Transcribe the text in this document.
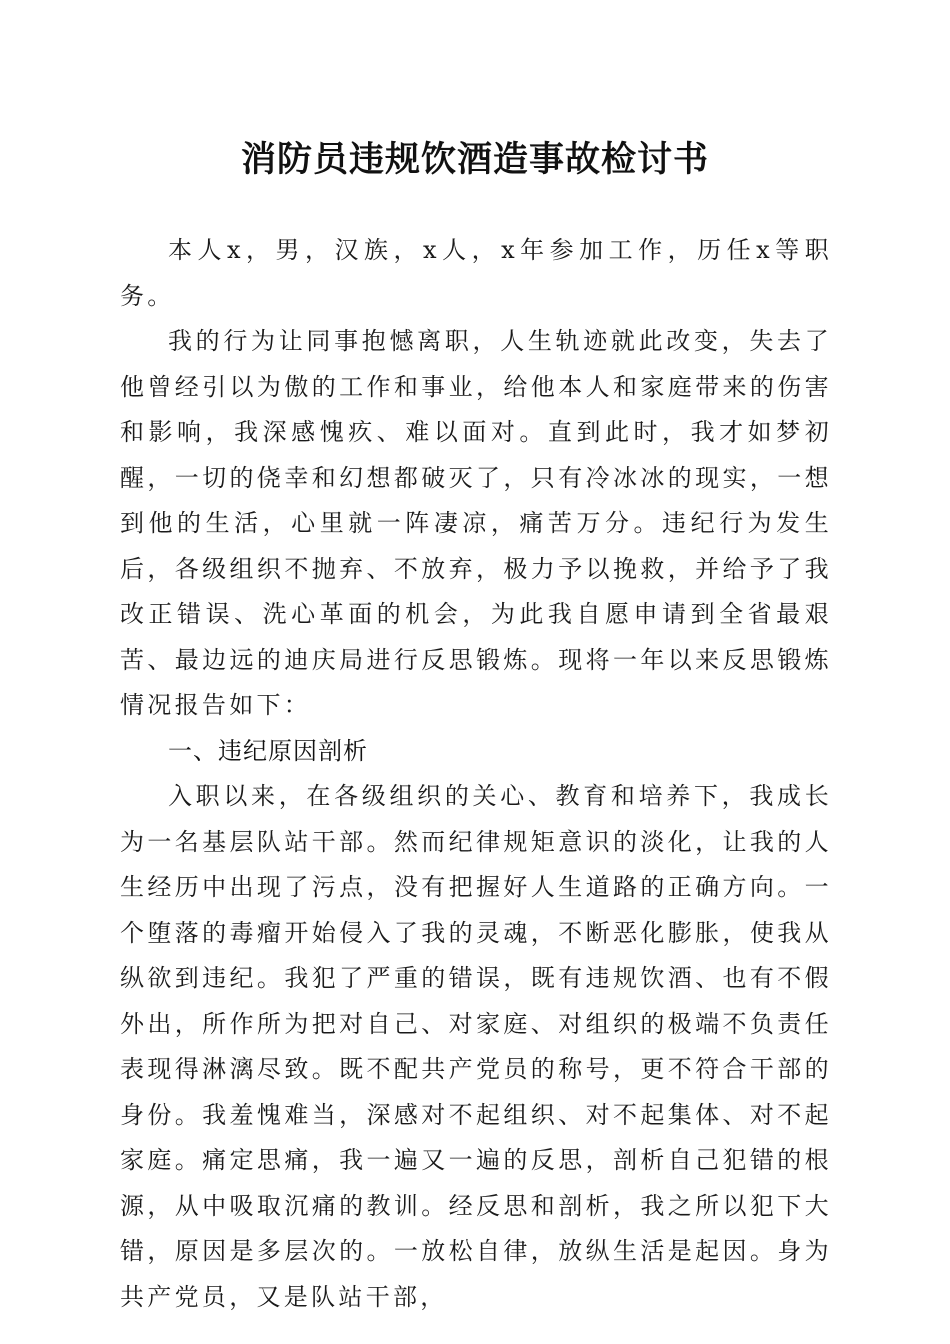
消防员违规饮酒造事故检讨书

本人x，男，汉族，x人，x年参加工作，历任x等职务。

我的行为让同事抱憾离职，人生轨迹就此改变，失去了他曾经引以为傲的工作和事业，给他本人和家庭带来的伤害和影响，我深感愧疚、难以面对。直到此时，我才如梦初醒，一切的侥幸和幻想都破灭了，只有冷冰冰的现实，一想到他的生活，心里就一阵凄凉，痛苦万分。违纪行为发生后，各级组织不抛弃、不放弃，极力予以挽救，并给予了我改正错误、洗心革面的机会，为此我自愿申请到全省最艰苦、最边远的迪庆局进行反思锻炼。现将一年以来反思锻炼情况报告如下：

一、违纪原因剖析

入职以来，在各级组织的关心、教育和培养下，我成长为一名基层队站干部。然而纪律规矩意识的淡化，让我的人生经历中出现了污点，没有把握好人生道路的正确方向。一个堕落的毒瘤开始侵入了我的灵魂，不断恶化膨胀，使我从纵欲到违纪。我犯了严重的错误，既有违规饮酒、也有不假外出，所作所为把对自己、对家庭、对组织的极端不负责任表现得淋漓尽致。既不配共产党员的称号，更不符合干部的身份。我羞愧难当，深感对不起组织、对不起集体、对不起家庭。痛定思痛，我一遍又一遍的反思，剖析自己犯错的根源，从中吸取沉痛的教训。经反思和剖析，我之所以犯下大错，原因是多层次的。一放松自律，放纵生活是起因。身为共产党员，又是队站干部，
